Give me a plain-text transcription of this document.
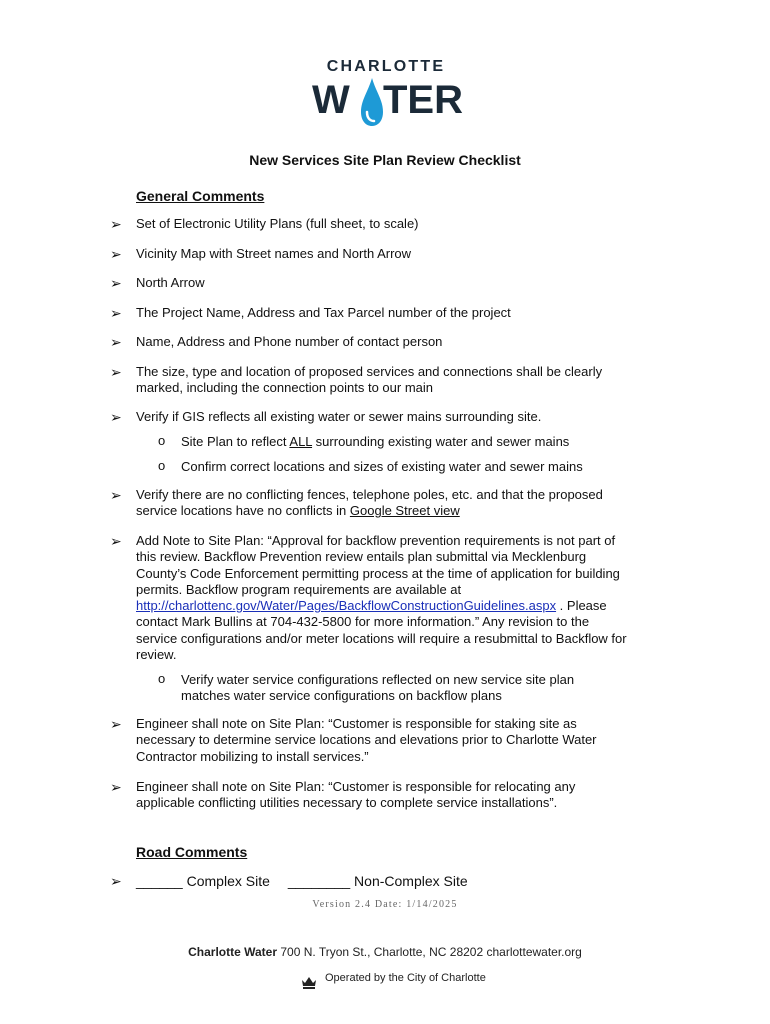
CHARLOTTE
W TER
New Services Site Plan Review Checklist
General Comments
➢	Set of Electronic Utility Plans (full sheet, to scale)
➢	Vicinity Map with Street names and North Arrow
➢	North Arrow
➢	The Project Name, Address and Tax Parcel number of the project
➢	Name, Address and Phone number of contact person
➢	The size, type and location of proposed services and connections shall be clearly marked, including the connection points to our main
➢	Verify if GIS reflects all existing water or sewer mains surrounding site.
o Site Plan to reflect ALL surrounding existing water and sewer mains
o Confirm correct locations and sizes of existing water and sewer mains
➢	Verify there are no conflicting fences, telephone poles, etc. and that the proposed service locations have no conflicts in Google Street view
➢	Add Note to Site Plan: “Approval for backflow prevention requirements is not part of this review. Backflow Prevention review entails plan submittal via Mecklenburg County’s Code Enforcement permitting process at the time of application for building permits. Backflow program requirements are available at http://charlottenc.gov/Water/Pages/BackflowConstructionGuidelines.aspx . Please contact Mark Bullins at 704-432-5800 for more information.” Any revision to the service configurations and/or meter locations will require a resubmittal to Backflow for review.
o Verify water service configurations reflected on new service site plan matches water service configurations on backflow plans
➢	Engineer shall note on Site Plan: “Customer is responsible for staking site as necessary to determine service locations and elevations prior to Charlotte Water Contractor mobilizing to install services.”
➢	Engineer shall note on Site Plan: “Customer is responsible for relocating any applicable conflicting utilities necessary to complete service installations”.
Road Comments
➢	______ Complex Site ________ Non-Complex Site
Version 2.4 Date: 1/14/2025
Charlotte Water 700 N. Tryon St., Charlotte, NC 28202 charlottewater.org
Operated by the City of Charlotte
